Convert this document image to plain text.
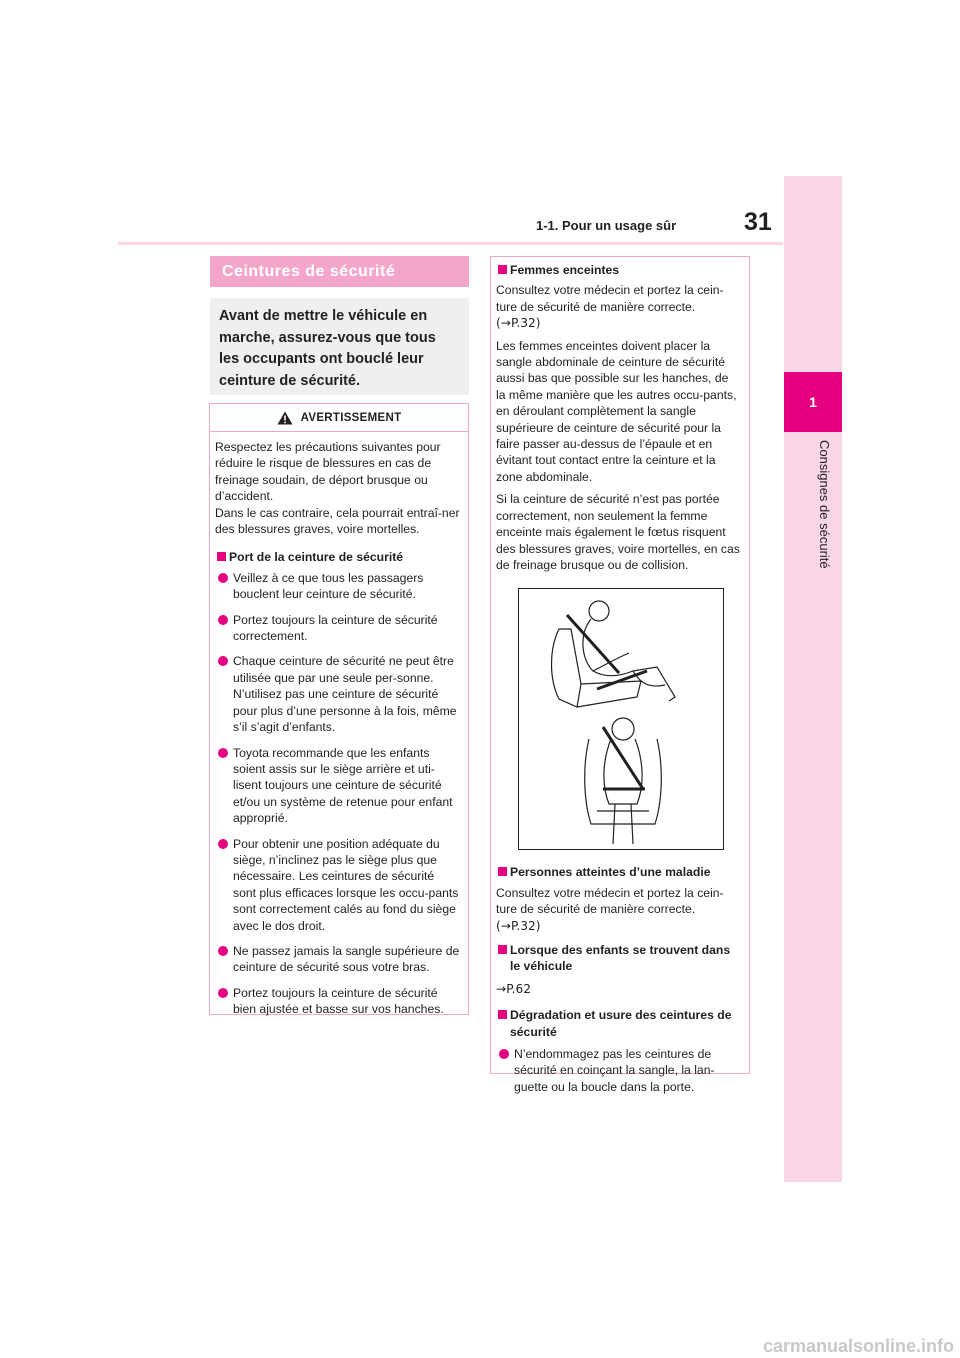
1
Consignes de sécurité
1-1. Pour un usage sûr	31
Ceintures de sécurité
Avant de mettre le véhicule en marche, assurez-vous que tous les occupants ont bouclé leur ceinture de sécurité.
AVERTISSEMENT
Respectez les précautions suivantes pour réduire le risque de blessures en cas de freinage soudain, de déport brusque ou d’accident.
Dans le cas contraire, cela pourrait entraî-ner des blessures graves, voire mortelles.
Port de la ceinture de sécurité
Veillez à ce que tous les passagers bouclent leur ceinture de sécurité.
Portez toujours la ceinture de sécurité correctement.
Chaque ceinture de sécurité ne peut être utilisée que par une seule per-sonne. N’utilisez pas une ceinture de sécurité pour plus d’une personne à la fois, même s’il s’agit d’enfants.
Toyota recommande que les enfants soient assis sur le siège arrière et uti-lisent toujours une ceinture de sécurité et/ou un système de retenue pour enfant approprié.
Pour obtenir une position adéquate du siège, n’inclinez pas le siège plus que nécessaire. Les ceintures de sécurité sont plus efficaces lorsque les occu-pants sont correctement calés au fond du siège avec le dos droit.
Ne passez jamais la sangle supérieure de ceinture de sécurité sous votre bras.
Portez toujours la ceinture de sécurité bien ajustée et basse sur vos hanches.
Femmes enceintes
Consultez votre médecin et portez la cein-ture de sécurité de manière correcte.
(→P.32)
Les femmes enceintes doivent placer la sangle abdominale de ceinture de sécurité aussi bas que possible sur les hanches, de la même manière que les autres occu-pants, en déroulant complètement la sangle supérieure de ceinture de sécurité pour la faire passer au-dessus de l’épaule et en évitant tout contact entre la ceinture et la zone abdominale.
Si la ceinture de sécurité n’est pas portée correctement, non seulement la femme enceinte mais également le fœtus risquent des blessures graves, voire mortelles, en cas de freinage brusque ou de collision.
Personnes atteintes d’une maladie
Consultez votre médecin et portez la cein-ture de sécurité de manière correcte.
(→P.32)
Lorsque des enfants se trouvent dans le véhicule
→P.62
Dégradation et usure des ceintures de sécurité
N’endommagez pas les ceintures de sécurité en coinçant la sangle, la lan-guette ou la boucle dans la porte.
carmanualsonline.info
